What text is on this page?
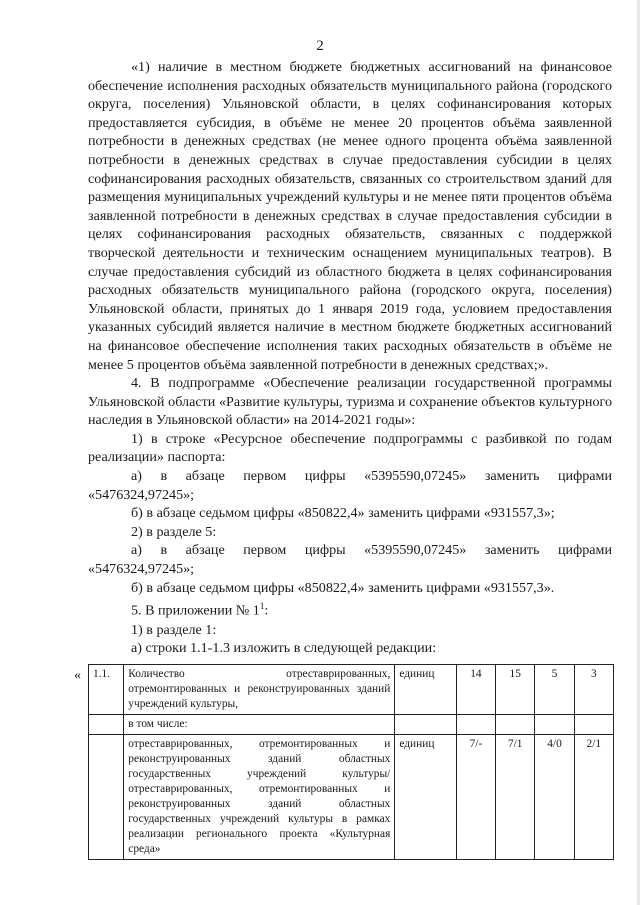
2

«1) наличие в местном бюджете бюджетных ассигнований на финансовое обеспечение исполнения расходных обязательств муниципального района (городского округа, поселения) Ульяновской области, в целях софинансирования которых предоставляется субсидия, в объёме не менее 20 процентов объёма заявленной потребности в денежных средствах (не менее одного процента объёма заявленной потребности в денежных средствах в случае предоставления субсидии в целях софинансирования расходных обязательств, связанных со строительством зданий для размещения муниципальных учреждений культуры и не менее пяти процентов объёма заявленной потребности в денежных средствах в случае предоставления субсидии в целях софинансирования расходных обязательств, связанных с поддержкой творческой деятельности и техническим оснащением муниципальных театров). В случае предоставления субсидий из областного бюджета в целях софинансирования расходных обязательств муниципального района (городского округа, поселения) Ульяновской области, принятых до 1 января 2019 года, условием предоставления указанных субсидий является наличие в местном бюджете бюджетных ассигнований на финансовое обеспечение исполнения таких расходных обязательств в объёме не менее 5 процентов объёма заявленной потребности в денежных средствах;».

4. В подпрограмме «Обеспечение реализации государственной программы Ульяновской области «Развитие культуры, туризма и сохранение объектов культурного наследия в Ульяновской области» на 2014-2021 годы»:

1) в строке «Ресурсное обеспечение подпрограммы с разбивкой по годам реализации» паспорта:

а) в абзаце первом цифры «5395590,07245» заменить цифрами «5476324,97245»;

б) в абзаце седьмом цифры «850822,4» заменить цифрами «931557,3»;

2) в разделе 5:

а) в абзаце первом цифры «5395590,07245» заменить цифрами «5476324,97245»;

б) в абзаце седьмом цифры «850822,4» заменить цифрами «931557,3».

5. В приложении № $1^1$:

1) в разделе 1:

а) строки 1.1-1.3 изложить в следующей редакции:

« 1.1.	Количество отреставрированных, отремонтированных и реконструированных зданий учреждений культуры,	единиц	14	15	5	3
	в том числе:					
	отреставрированных, отремонтированных и реконструированных зданий областных государственных учреждений культуры/отреставрированных, отремонтированных и реконструированных зданий областных государственных учреждений культуры в рамках реализации регионального проекта «Культурная среда»	единиц	7/-	7/1	4/0	2/1
